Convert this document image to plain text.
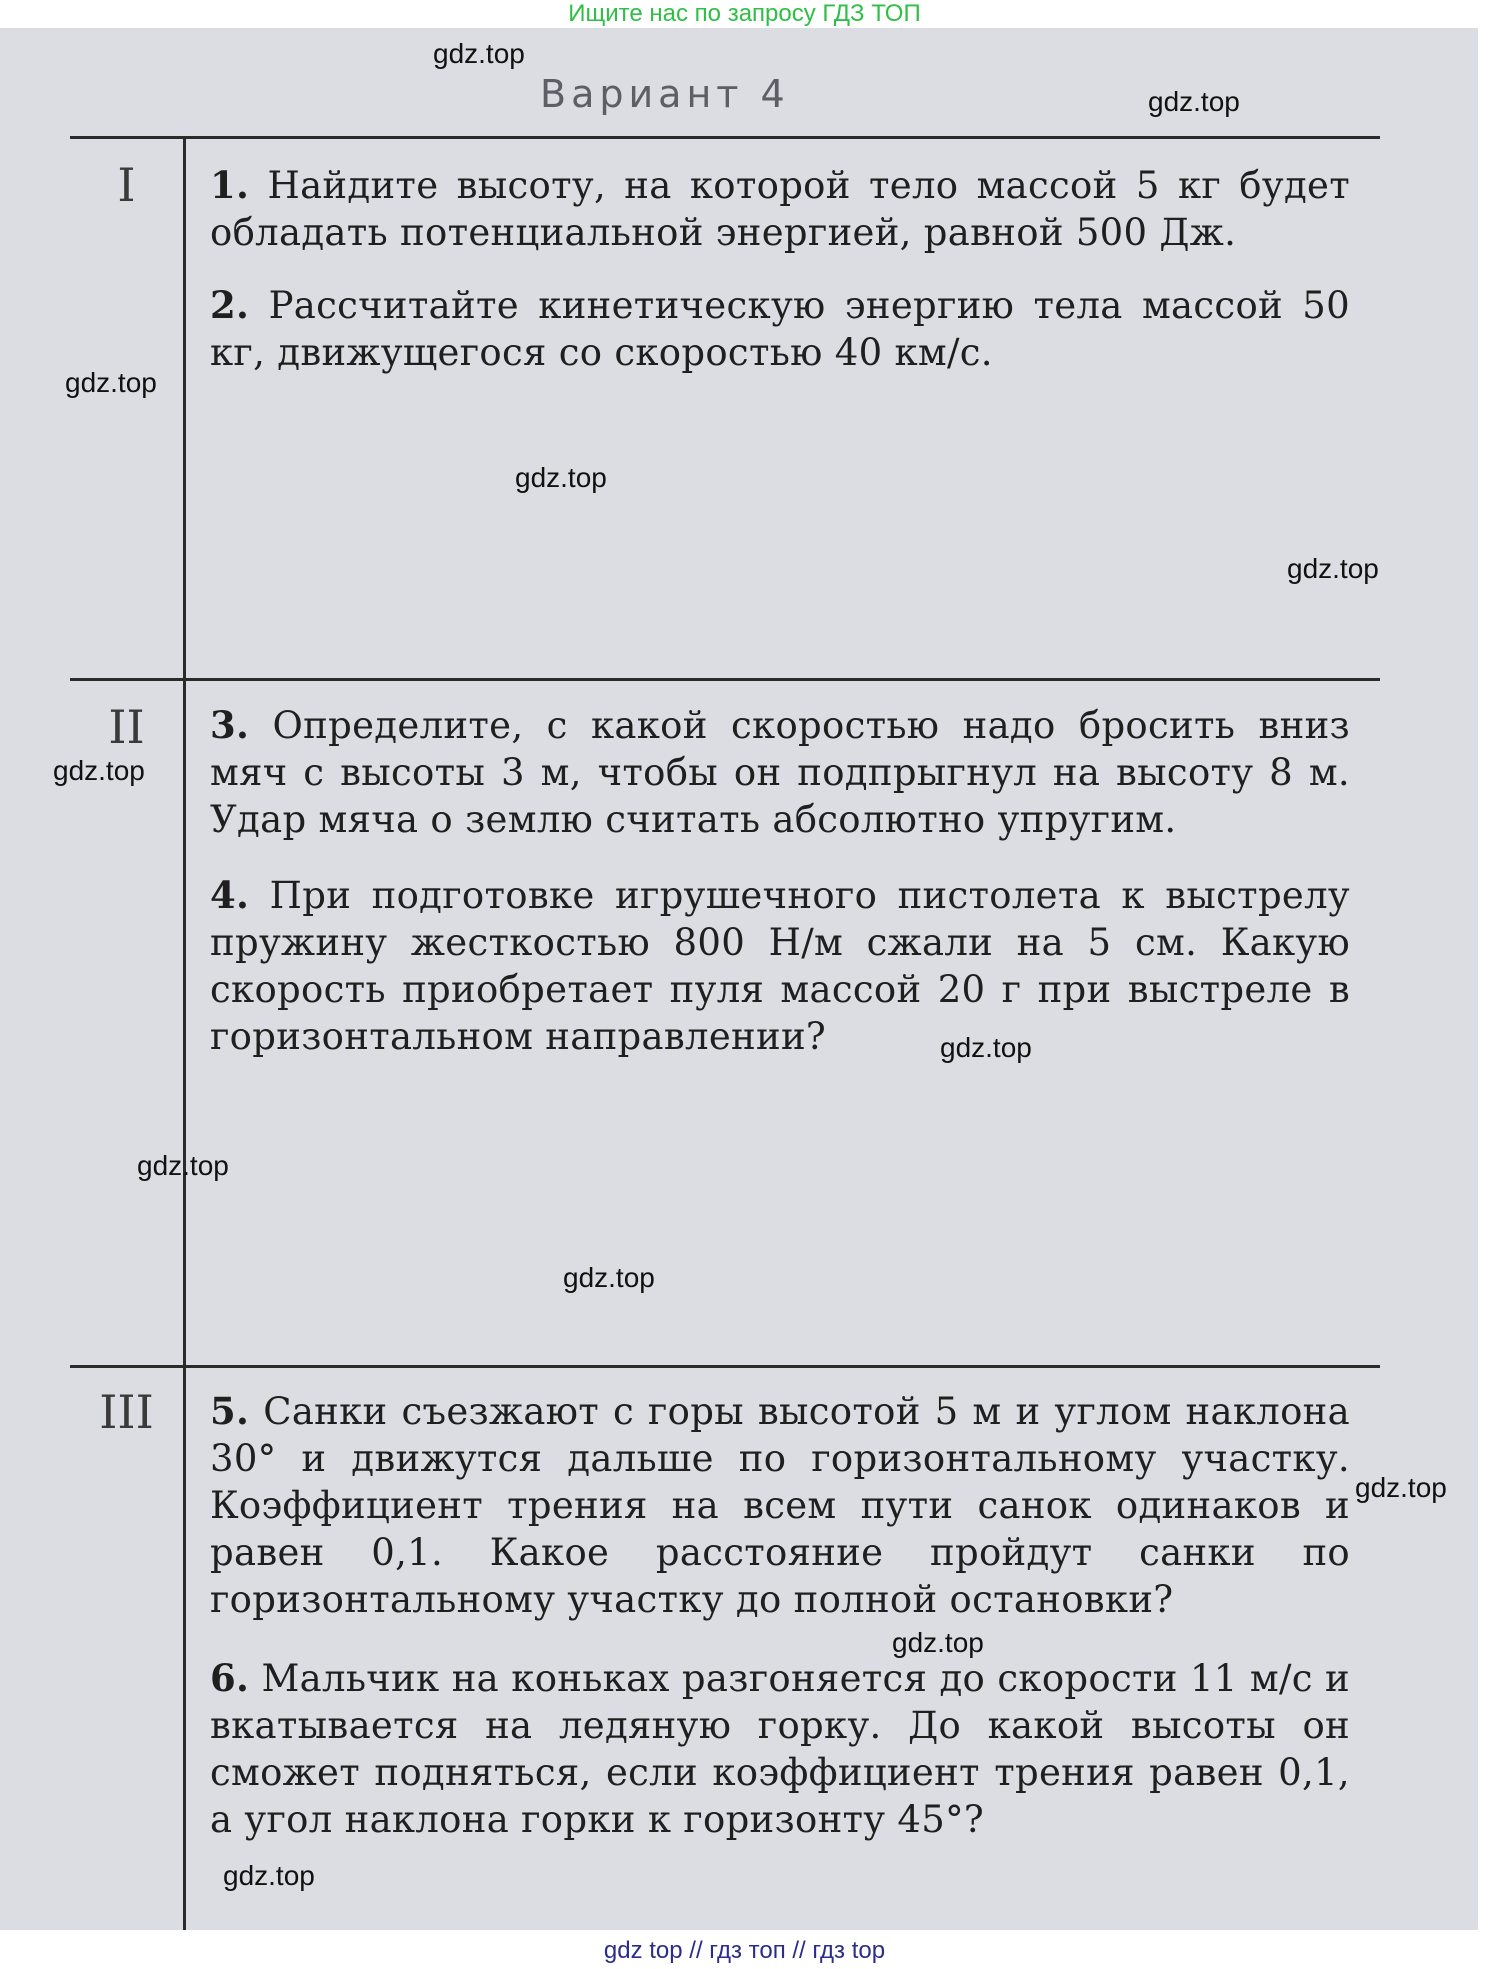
Ищите нас по запросу ГДЗ ТОП
Вариант 4
I
II
III
1. Найдите высоту, на которой тело массой 5 кг будет обладать потенциальной энергией, равной 500 Дж.
2. Рассчитайте кинетическую энергию тела массой 50 кг, движущегося со скоростью 40 км/с.
3. Определите, с какой скоростью надо бросить вниз мяч с высоты 3 м, чтобы он подпрыгнул на высоту 8 м. Удар мяча о землю считать абсолютно упругим.
4. При подготовке игрушечного пистолета к выстрелу пружину жесткостью 800 Н/м сжали на 5 см. Какую скорость приобретает пуля массой 20 г при выстреле в горизонтальном направлении?
5. Санки съезжают с горы высотой 5 м и углом наклона 30° и движутся дальше по горизонтальному участку. Коэффициент трения на всем пути санок одинаков и равен 0,1. Какое расстояние пройдут санки по горизонтальному участку до полной остановки?
6. Мальчик на коньках разгоняется до скорости 11 м/с и вкатывается на ледяную горку. До какой высоты он сможет подняться, если коэффициент трения равен 0,1, а угол наклона горки к горизонту 45°?
gdz.top
gdz.top
gdz.top
gdz.top
gdz.top
gdz.top
gdz.top
gdz.top
gdz.top
gdz.top
gdz.top
gdz.top
gdz top // гдз топ // гдз top
